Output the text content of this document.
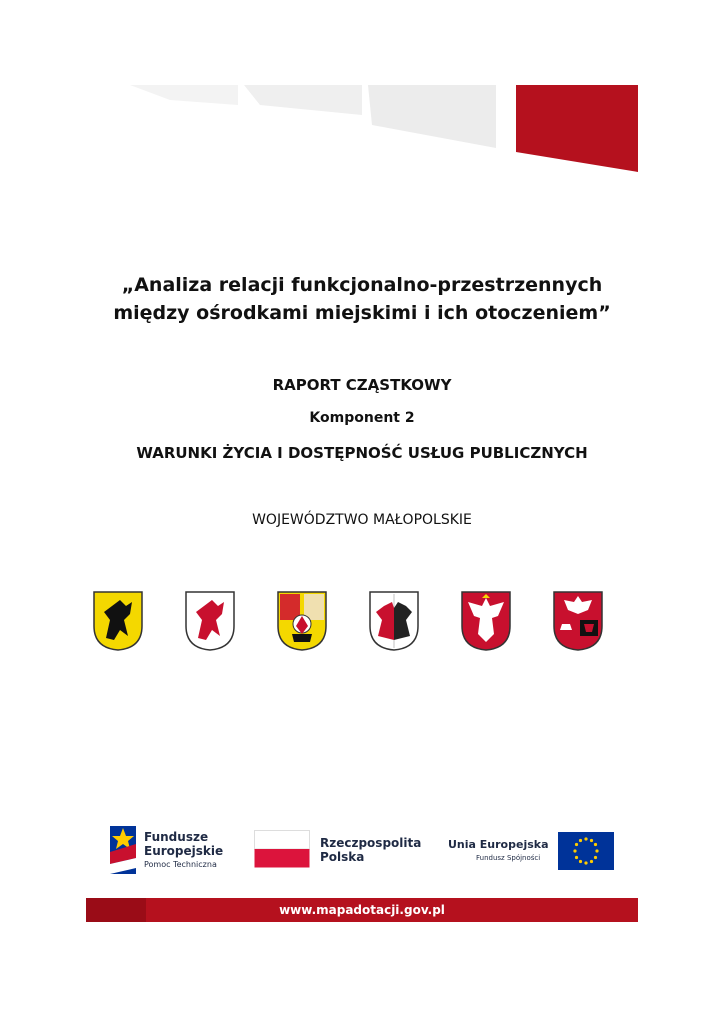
„Analiza relacji funkcjonalno-przestrzennych
między ośrodkami miejskimi i ich otoczeniem”
RAPORT CZĄSTKOWY
Komponent 2
WARUNKI ŻYCIA I DOSTĘPNOŚĆ USŁUG PUBLICZNYCH
WOJEWÓDZTWO MAŁOPOLSKIE
Fundusze
Europejskie
Pomoc Techniczna
Rzeczpospolita
Polska
Unia Europejska
Fundusz Spójności
www.mapadotacji.gov.pl
